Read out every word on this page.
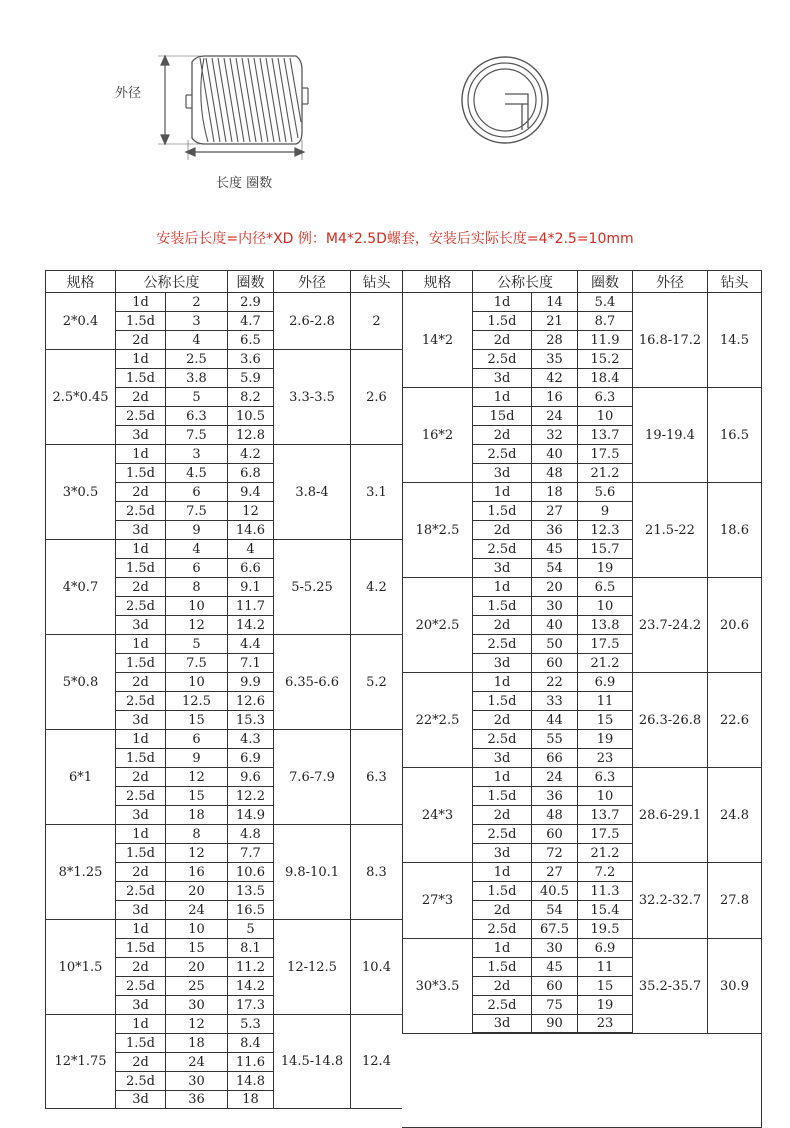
外径
长度 圈数
安装后长度=内径*XD 例：M4*2.5D螺套，安装后实际长度=4*2.5=10mm
规格	公称长度	圈数	外径	钻头	规格	公称长度	圈数	外径	钻头
2*0.4
1d	2	2.9
1.5d	3	4.7
2d	4	6.5
2.6-2.8	2
2.5*0.45
1d	2.5	3.6
1.5d	3.8	5.9
2d	5	8.2
2.5d	6.3	10.5
3d	7.5	12.8
3.3-3.5	2.6
3*0.5
1d	3	4.2
1.5d	4.5	6.8
2d	6	9.4
2.5d	7.5	12
3d	9	14.6
3.8-4	3.1
4*0.7
1d	4	4
1.5d	6	6.6
2d	8	9.1
2.5d	10	11.7
3d	12	14.2
5-5.25	4.2
5*0.8
1d	5	4.4
1.5d	7.5	7.1
2d	10	9.9
2.5d	12.5	12.6
3d	15	15.3
6.35-6.6	5.2
6*1
1d	6	4.3
1.5d	9	6.9
2d	12	9.6
2.5d	15	12.2
3d	18	14.9
7.6-7.9	6.3
8*1.25
1d	8	4.8
1.5d	12	7.7
2d	16	10.6
2.5d	20	13.5
3d	24	16.5
9.8-10.1	8.3
10*1.5
1d	10	5
1.5d	15	8.1
2d	20	11.2
2.5d	25	14.2
3d	30	17.3
12-12.5	10.4
12*1.75
1d	12	5.3
1.5d	18	8.4
2d	24	11.6
2.5d	30	14.8
3d	36	18
14.5-14.8	12.4
14*2
1d	14	5.4
1.5d	21	8.7
2d	28	11.9
2.5d	35	15.2
3d	42	18.4
16.8-17.2	14.5
16*2
1d	16	6.3
15d	24	10
2d	32	13.7
2.5d	40	17.5
3d	48	21.2
19-19.4	16.5
18*2.5
1d	18	5.6
1.5d	27	9
2d	36	12.3
2.5d	45	15.7
3d	54	19
21.5-22	18.6
20*2.5
1d	20	6.5
1.5d	30	10
2d	40	13.8
2.5d	50	17.5
3d	60	21.2
23.7-24.2	20.6
22*2.5
1d	22	6.9
1.5d	33	11
2d	44	15
2.5d	55	19
3d	66	23
26.3-26.8	22.6
24*3
1d	24	6.3
1.5d	36	10
2d	48	13.7
2.5d	60	17.5
3d	72	21.2
28.6-29.1	24.8
27*3
1d	27	7.2
1.5d	40.5	11.3
2d	54	15.4
2.5d	67.5	19.5
32.2-32.7	27.8
30*3.5
1d	30	6.9
1.5d	45	11
2d	60	15
2.5d	75	19
3d	90	23
35.2-35.7	30.9
